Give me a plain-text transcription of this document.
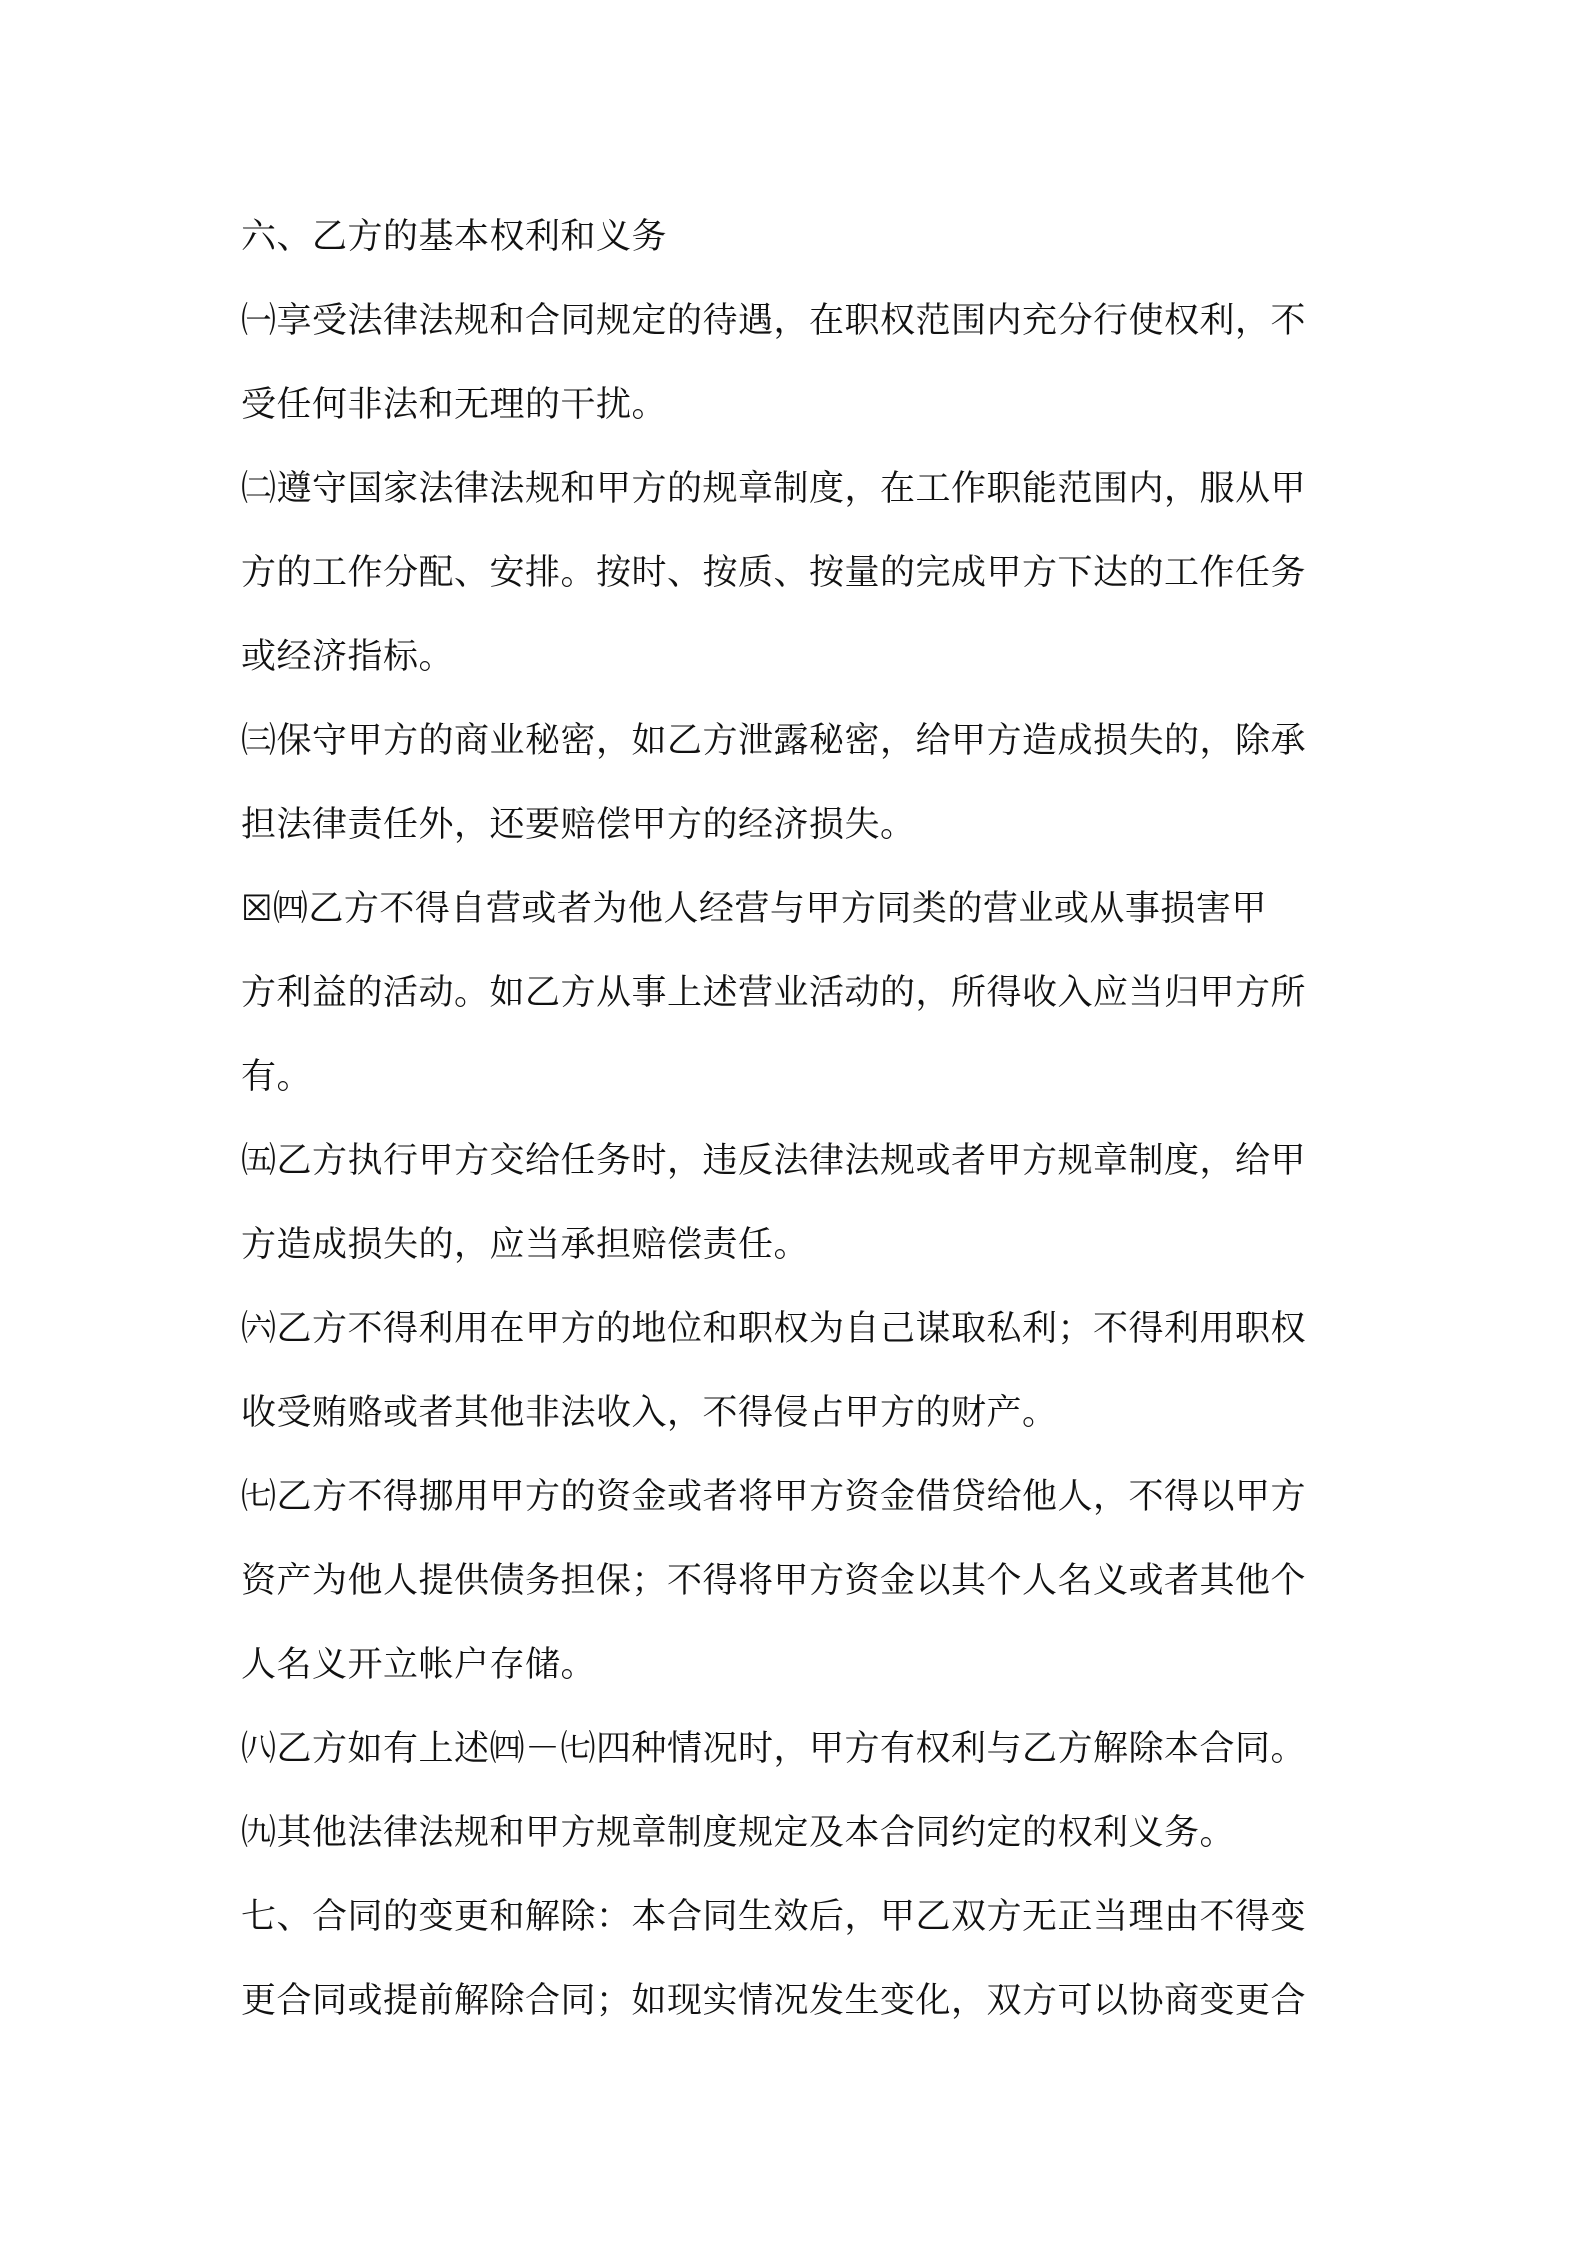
六、乙方的基本权利和义务
㈠享受法律法规和合同规定的待遇，在职权范围内充分行使权利，不
受任何非法和无理的干扰。
㈡遵守国家法律法规和甲方的规章制度，在工作职能范围内，服从甲
方的工作分配、安排。按时、按质、按量的完成甲方下达的工作任务
或经济指标。
㈢保守甲方的商业秘密，如乙方泄露秘密，给甲方造成损失的，除承
担法律责任外，还要赔偿甲方的经济损失。
☒㈣乙方不得自营或者为他人经营与甲方同类的营业或从事损害甲
方利益的活动。如乙方从事上述营业活动的，所得收入应当归甲方所
有。
㈤乙方执行甲方交给任务时，违反法律法规或者甲方规章制度，给甲
方造成损失的，应当承担赔偿责任。
㈥乙方不得利用在甲方的地位和职权为自己谋取私利；不得利用职权
收受贿赂或者其他非法收入，不得侵占甲方的财产。
㈦乙方不得挪用甲方的资金或者将甲方资金借贷给他人，不得以甲方
资产为他人提供债务担保；不得将甲方资金以其个人名义或者其他个
人名义开立帐户存储。
㈧乙方如有上述㈣－㈦四种情况时，甲方有权利与乙方解除本合同。
㈨其他法律法规和甲方规章制度规定及本合同约定的权利义务。
七、合同的变更和解除：本合同生效后，甲乙双方无正当理由不得变
更合同或提前解除合同；如现实情况发生变化，双方可以协商变更合
